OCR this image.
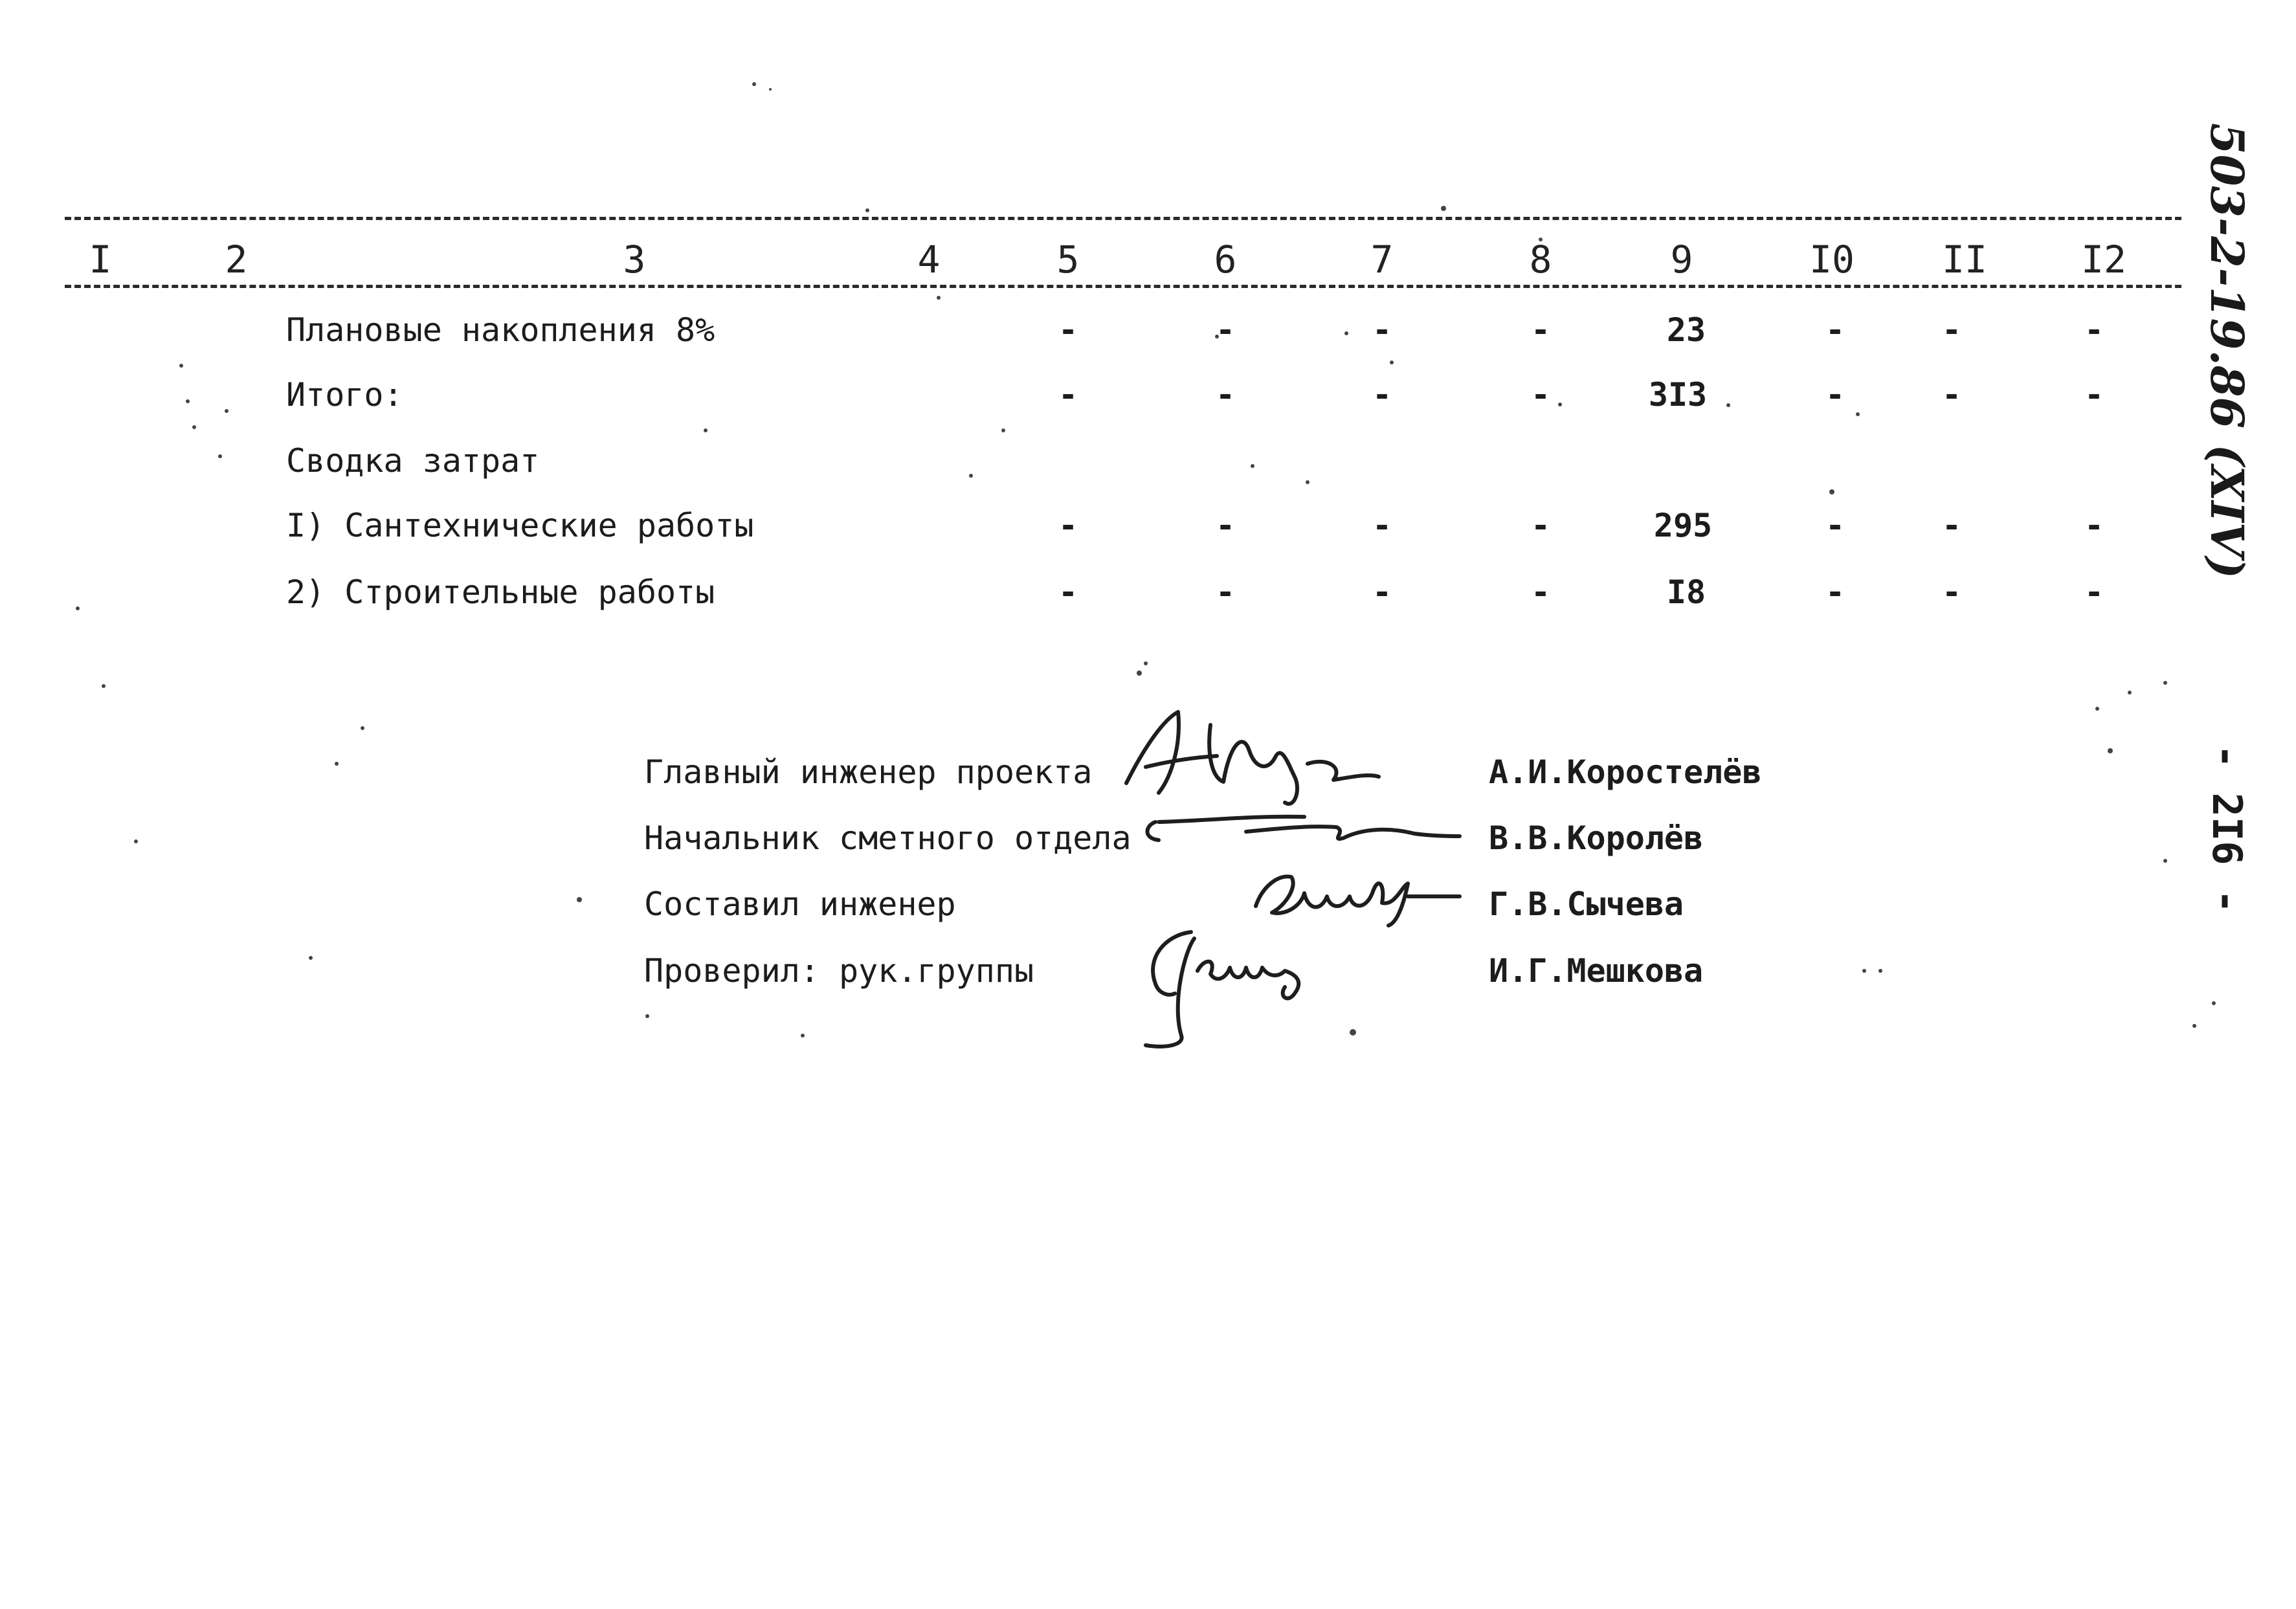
I	2	3	4	5	6	7	8	9	I0 II	I2
Плановые накопления 8%	-	-	-	-	23	-	-	-
Итого:	-	-	-	-	3I3	-	-	-
Сводка затрат
I) Сантехнические работы	-	-	-	-	295	-	-	-
2) Строительные работы	-	-	-	-	I8	-	-	-
Главный инженер проекта	А.И.Коростелёв
Начальник сметного отдела	В.В.Королёв
Составил инженер	Г.В.Сычева
Проверил: рук.группы	И.Г.Мешкова
503-2-19.86 (XIV)
- 2I6 -
